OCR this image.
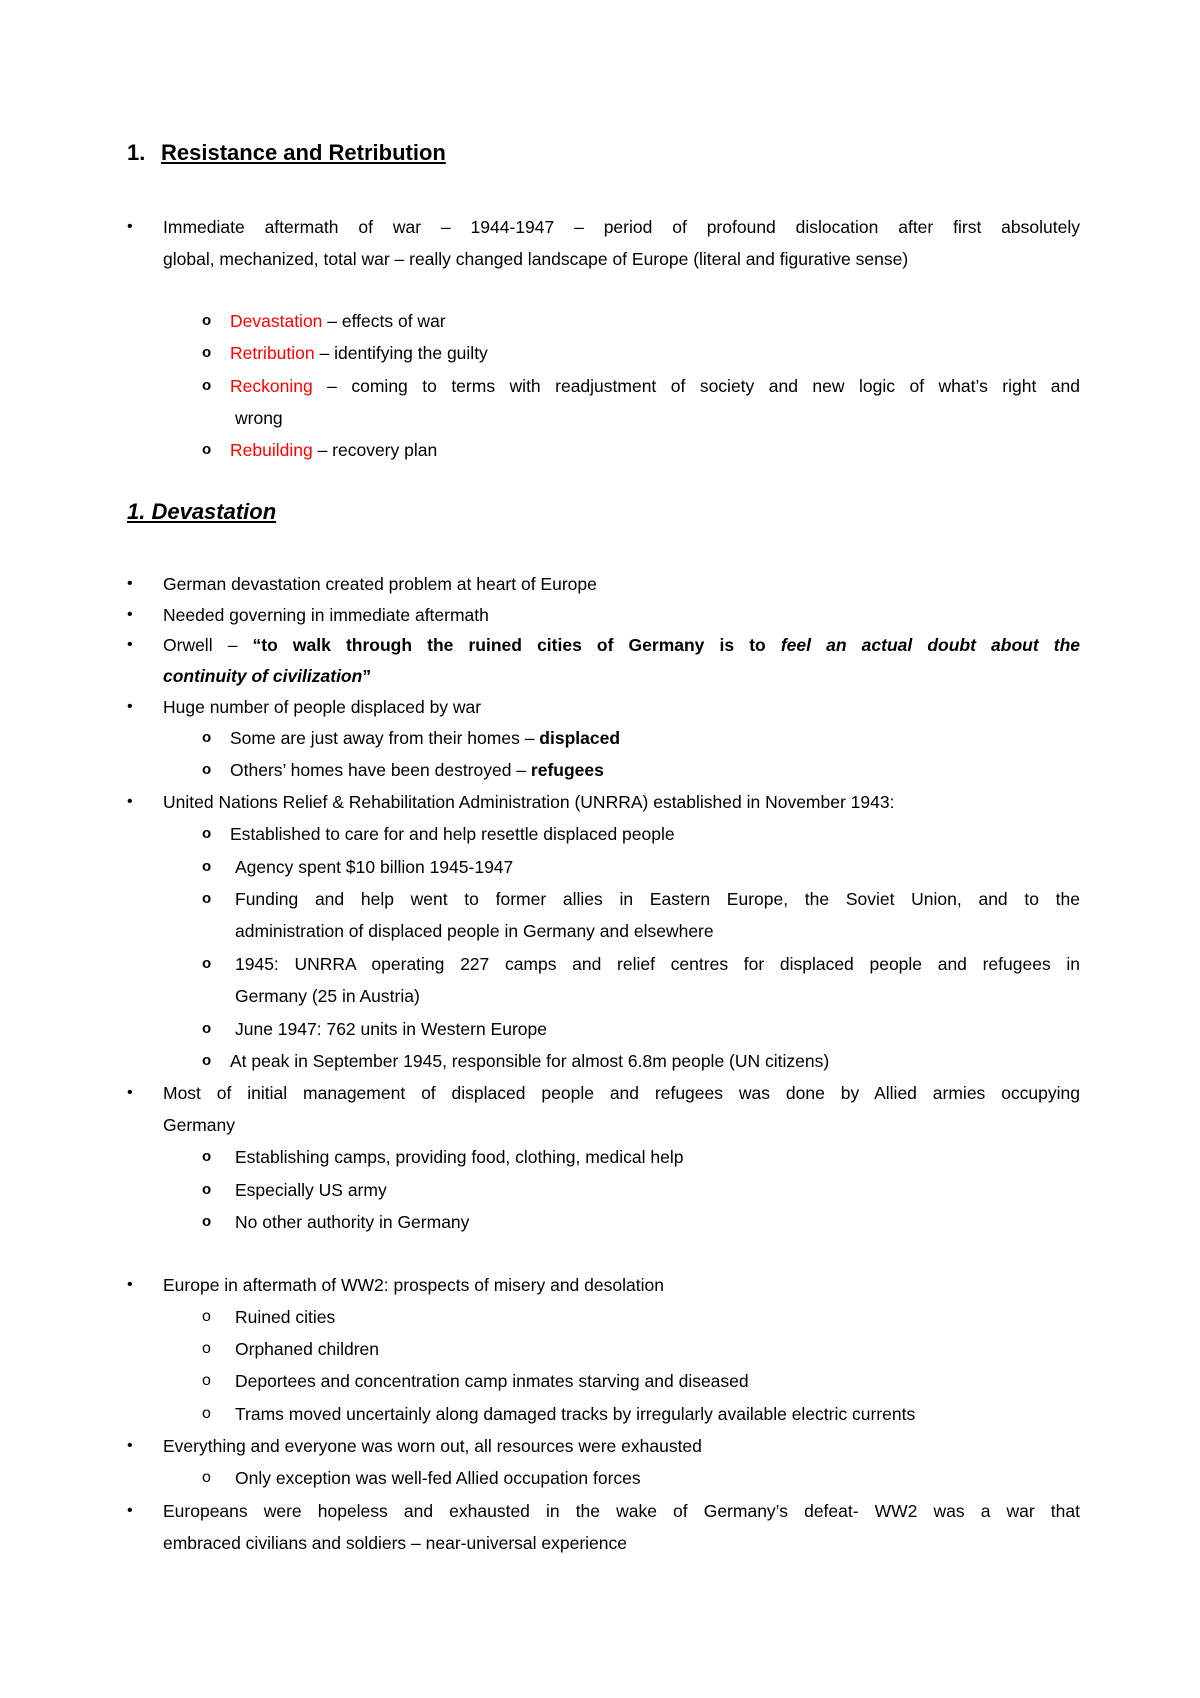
1. Resistance and Retribution
• Immediate aftermath of war – 1944-1947 – period of profound dislocation after first absolutely
global, mechanized, total war – really changed landscape of Europe (literal and figurative sense)
o Devastation – effects of war
o Retribution – identifying the guilty
o Reckoning – coming to terms with readjustment of society and new logic of what’s right and
wrong
o Rebuilding – recovery plan
1. Devastation
• German devastation created problem at heart of Europe
• Needed governing in immediate aftermath
• Orwell – “to walk through the ruined cities of Germany is to feel an actual doubt about the
continuity of civilization”
• Huge number of people displaced by war
o Some are just away from their homes – displaced
o Others’ homes have been destroyed – refugees
• United Nations Relief & Rehabilitation Administration (UNRRA) established in November 1943:
o Established to care for and help resettle displaced people
o Agency spent $10 billion 1945-1947
o Funding and help went to former allies in Eastern Europe, the Soviet Union, and to the
administration of displaced people in Germany and elsewhere
o 1945: UNRRA operating 227 camps and relief centres for displaced people and refugees in
Germany (25 in Austria)
o June 1947: 762 units in Western Europe
o At peak in September 1945, responsible for almost 6.8m people (UN citizens)
• Most of initial management of displaced people and refugees was done by Allied armies occupying
Germany
o Establishing camps, providing food, clothing, medical help
o Especially US army
o No other authority in Germany
• Europe in aftermath of WW2: prospects of misery and desolation
o Ruined cities
o Orphaned children
o Deportees and concentration camp inmates starving and diseased
o Trams moved uncertainly along damaged tracks by irregularly available electric currents
• Everything and everyone was worn out, all resources were exhausted
o Only exception was well-fed Allied occupation forces
• Europeans were hopeless and exhausted in the wake of Germany’s defeat- WW2 was a war that
embraced civilians and soldiers – near-universal experience
